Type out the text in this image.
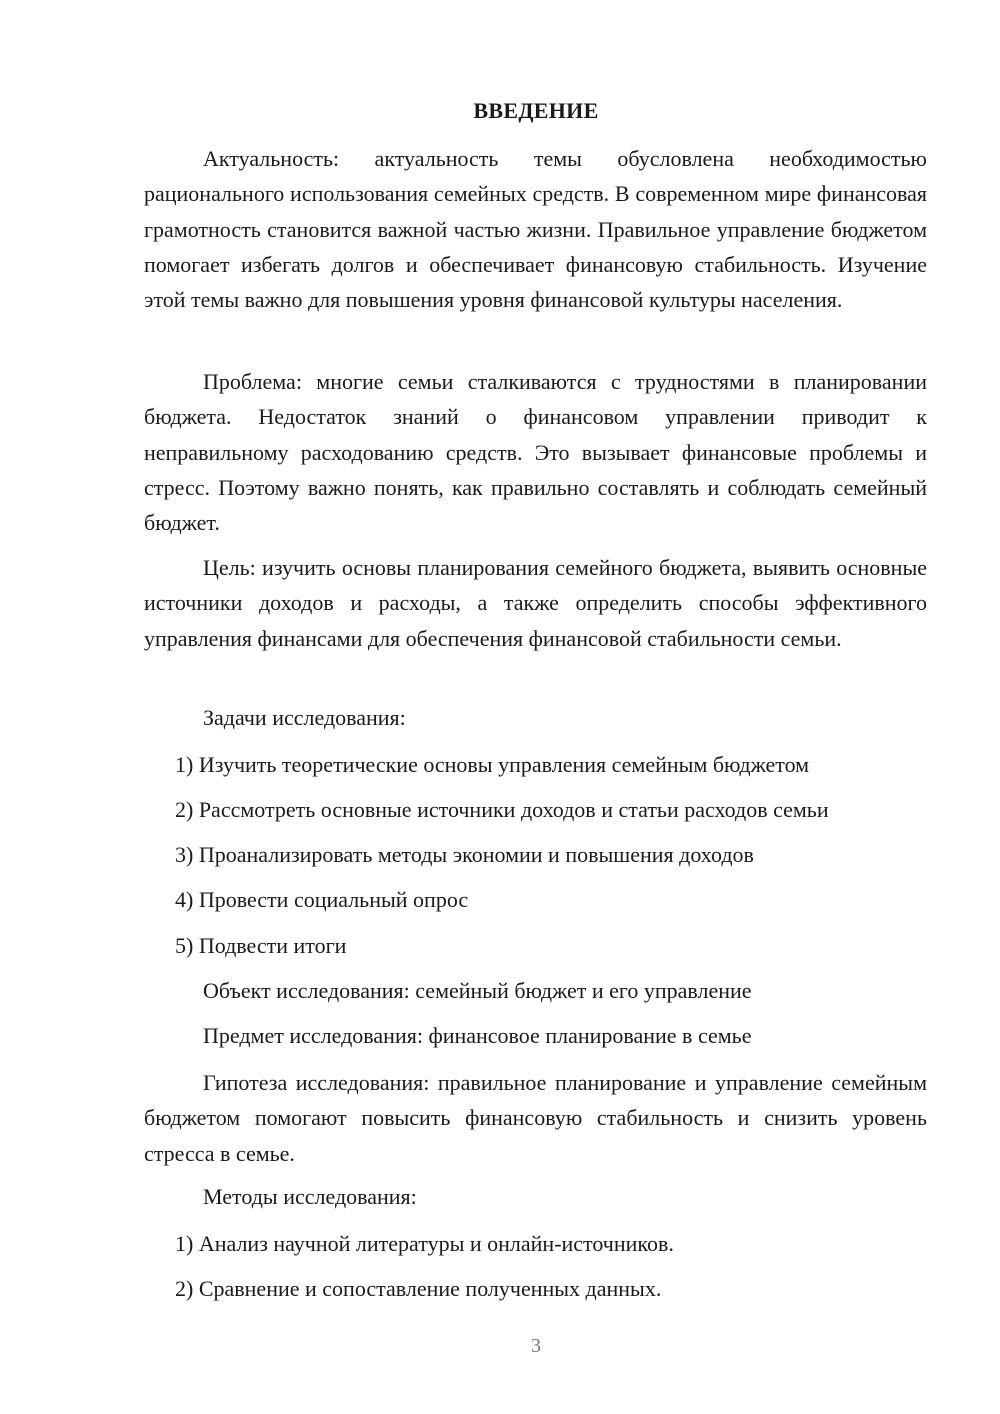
ВВЕДЕНИЕ

Актуальность: актуальность темы обусловлена необходимостью рационального использования семейных средств. В современном мире финансовая грамотность становится важной частью жизни. Правильное управление бюджетом помогает избегать долгов и обеспечивает финансовую стабильность. Изучение этой темы важно для повышения уровня финансовой культуры населения.

Проблема: многие семьи сталкиваются с трудностями в планировании бюджета. Недостаток знаний о финансовом управлении приводит к неправильному расходованию средств. Это вызывает финансовые проблемы и стресс. Поэтому важно понять, как правильно составлять и соблюдать семейный бюджет.

Цель: изучить основы планирования семейного бюджета, выявить основные источники доходов и расходы, а также определить способы эффективного управления финансами для обеспечения финансовой стабильности семьи.

Задачи исследования:

1) Изучить теоретические основы управления семейным бюджетом

2) Рассмотреть основные источники доходов и статьи расходов семьи

3) Проанализировать методы экономии и повышения доходов

4) Провести социальный опрос

5) Подвести итоги

Объект исследования: семейный бюджет и его управление

Предмет исследования: финансовое планирование в семье

Гипотеза исследования: правильное планирование и управление семейным бюджетом помогают повысить финансовую стабильность и снизить уровень стресса в семье.

Методы исследования:

1) Анализ научной литературы и онлайн-источников.

2) Сравнение и сопоставление полученных данных.

3
